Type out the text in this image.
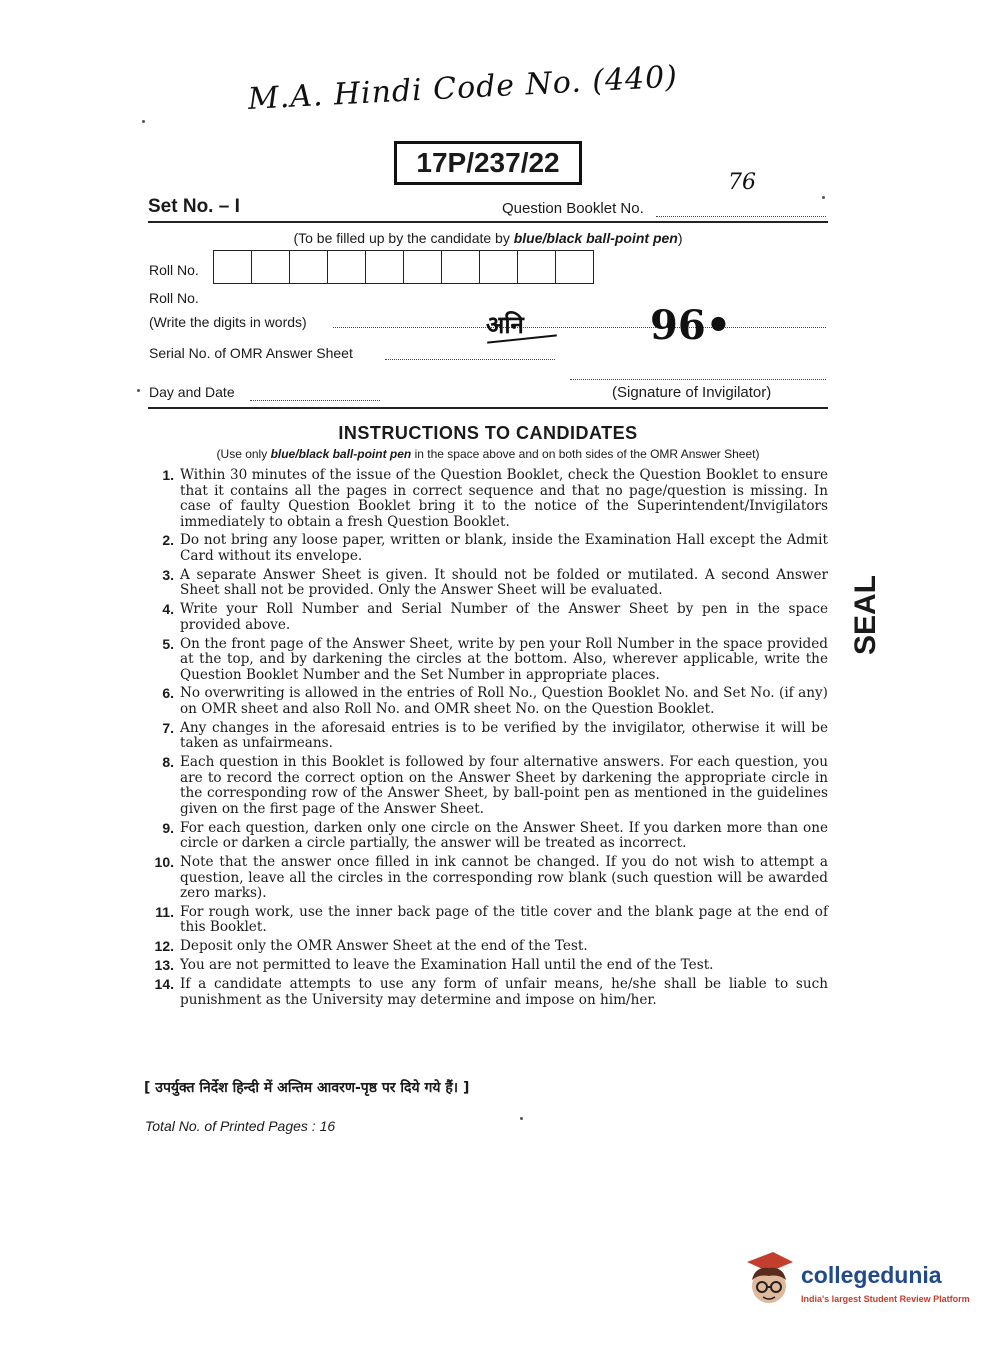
M.A. Hindi Code No. (440)
17P/237/22
76
Set No. – I	Question Booklet No.
(To be filled up by the candidate by blue/black ball-point pen)
Roll No.
Roll No.
(Write the digits in words)	अनि	96•
Serial No. of OMR Answer Sheet
Day and Date	(Signature of Invigilator)
INSTRUCTIONS TO CANDIDATES
(Use only blue/black ball-point pen in the space above and on both sides of the OMR Answer Sheet)
1. Within 30 minutes of the issue of the Question Booklet, check the Question Booklet to ensure that it contains all the pages in correct sequence and that no page/question is missing. In case of faulty Question Booklet bring it to the notice of the Superintendent/Invigilators immediately to obtain a fresh Question Booklet.
2. Do not bring any loose paper, written or blank, inside the Examination Hall except the Admit Card without its envelope.
3. A separate Answer Sheet is given. It should not be folded or mutilated. A second Answer Sheet shall not be provided. Only the Answer Sheet will be evaluated.
4. Write your Roll Number and Serial Number of the Answer Sheet by pen in the space provided above.
5. On the front page of the Answer Sheet, write by pen your Roll Number in the space provided at the top, and by darkening the circles at the bottom. Also, wherever applicable, write the Question Booklet Number and the Set Number in appropriate places.
6. No overwriting is allowed in the entries of Roll No., Question Booklet No. and Set No. (if any) on OMR sheet and also Roll No. and OMR sheet No. on the Question Booklet.
7. Any changes in the aforesaid entries is to be verified by the invigilator, otherwise it will be taken as unfairmeans.
8. Each question in this Booklet is followed by four alternative answers. For each question, you are to record the correct option on the Answer Sheet by darkening the appropriate circle in the corresponding row of the Answer Sheet, by ball-point pen as mentioned in the guidelines given on the first page of the Answer Sheet.
9. For each question, darken only one circle on the Answer Sheet. If you darken more than one circle or darken a circle partially, the answer will be treated as incorrect.
10. Note that the answer once filled in ink cannot be changed. If you do not wish to attempt a question, leave all the circles in the corresponding row blank (such question will be awarded zero marks).
11. For rough work, use the inner back page of the title cover and the blank page at the end of this Booklet.
12. Deposit only the OMR Answer Sheet at the end of the Test.
13. You are not permitted to leave the Examination Hall until the end of the Test.
14. If a candidate attempts to use any form of unfair means, he/she shall be liable to such punishment as the University may determine and impose on him/her.
SEAL
[ उपर्युक्त निर्देश हिन्दी में अन्तिम आवरण-पृष्ठ पर दिये गये हैं। ]
Total No. of Printed Pages : 16
collegedunia
India's largest Student Review Platform
